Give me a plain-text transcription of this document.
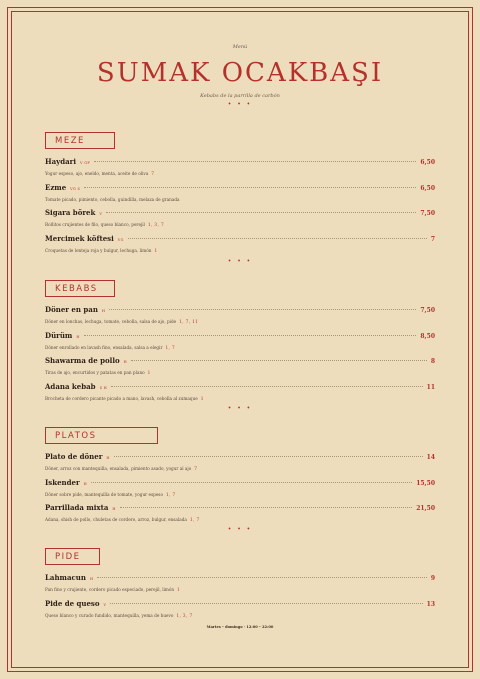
Menú
SUMAK OCAKBAŞI
Kebabs de la parrilla de carbón
• • •
MEZE
Haydari V GF	6,50
Yogur espeso, ajo, eneldo, menta, aceite de oliva 7
Ezme VG S	6,50
Tomate picado, pimiento, cebolla, guindilla, melaza de granada
Sigara börek V	7,50
Rollitos crujientes de filo, queso blanco, perejil 1, 3, 7
Mercimek köftesi VG	7
Croquetas de lenteja roja y bulgur, lechuga, limón 1
• • •
KEBABS
Döner en pan H	7,50
Döner en lonchas, lechuga, tomate, cebolla, salsa de ajo, pide 1, 7, 11
Dürüm H	8,50
Döner enrollado en lavash fino, ensalada, salsa a elegir 1, 7
Shawarma de pollo H	8
Tiras de ajo, encurtidos y patatas en pan plano 1
Adana kebab S H	11
Brocheta de cordero picante picado a mano, lavash, cebolla al zumaque 1
• • •
PLATOS
Plato de döner H	14
Döner, arroz con mantequilla, ensalada, pimiento asado, yogur al ajo 7
Iskender H	15,50
Döner sobre pide, mantequilla de tomate, yogur espeso 1, 7
Parrillada mixta H	21,50
Adana, shish de pollo, chuletas de cordero, arroz, bulgur, ensalada 1, 7
• • •
PIDE
Lahmacun H	9
Pan fino y crujiente, cordero picado especiado, perejil, limón 1
Pide de queso V	13
Queso blanco y curado fundido, mantequilla, yema de huevo 1, 3, 7
Martes – domingo · 12:00 – 22:00
